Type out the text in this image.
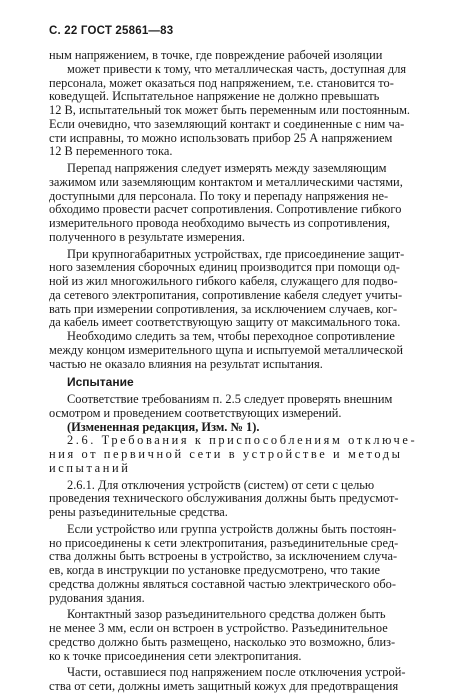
С. 22 ГОСТ 25861—83

ным напряжением, в точке, где повреждение рабочей изоляции

может привести к тому, что металлическая часть, доступная для

персонала, может оказаться под напряжением, т.е. становится то-

коведущей. Испытательное напряжение не должно превышать

12 В, испытательный ток может быть переменным или постоянным.

Если очевидно, что заземляющий контакт и соединенные с ним ча-

сти исправны, то можно использовать прибор 25 А напряжением

12 В переменного тока.

Перепад напряжения следует измерять между заземляющим

зажимом или заземляющим контактом и металлическими частями,

доступными для персонала. По току и перепаду напряжения не-

обходимо провести расчет сопротивления. Сопротивление гибкого

измерительного провода необходимо вычесть из сопротивления,

полученного в результате измерения.

При крупногабаритных устройствах, где присоединение защит-

ного заземления сборочных единиц производится при помощи од-

ной из жил многожильного гибкого кабеля, служащего для подво-

да сетевого электропитания, сопротивление кабеля следует учиты-

вать при измерении сопротивления, за исключением случаев, ког-

да кабель имеет соответствующую защиту от максимального тока.

Необходимо следить за тем, чтобы переходное сопротивление

между концом измерительного щупа и испытуемой металлической

частью не оказало влияния на результат испытания.

Испытание

Соответствие требованиям п. 2.5 следует проверять внешним

осмотром и проведением соответствующих измерений.

(Измененная редакция, Изм. № 1).

2.6. Требования к приспособлениям отключе-

ния от первичной сети в устройстве и методы

испытаний

2.6.1. Для отключения устройств (систем) от сети с целью

проведения технического обслуживания должны быть предусмот-

рены разъединительные средства.

Если устройство или группа устройств должны быть постоян-

но присоединены к сети электропитания, разъединительные сред-

ства должны быть встроены в устройство, за исключением случа-

ев, когда в инструкции по установке предусмотрено, что такие

средства должны являться составной частью электрического обо-

рудования здания.

Контактный зазор разъединительного средства должен быть

не менее 3 мм, если он встроен в устройство. Разъединительное

средство должно быть размещено, насколько это возможно, близ-

ко к точке присоединения сети электропитания.

Части, оставшиеся под напряжением после отключения устрой-

ства от сети, должны иметь защитный кожух для предотвращения
